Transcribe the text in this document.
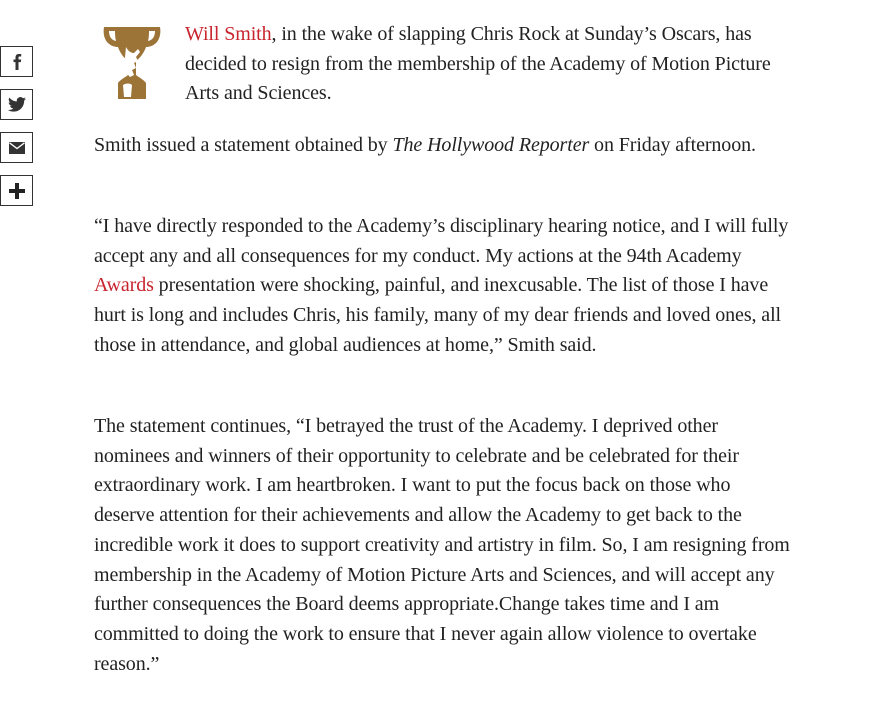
Will Smith, in the wake of slapping Chris Rock at Sunday’s Oscars, has decided to resign from the membership of the Academy of Motion Picture Arts and Sciences.

Smith issued a statement obtained by The Hollywood Reporter on Friday afternoon.

“I have directly responded to the Academy’s disciplinary hearing notice, and I will fully accept any and all consequences for my conduct. My actions at the 94th Academy Awards presentation were shocking, painful, and inexcusable. The list of those I have hurt is long and includes Chris, his family, many of my dear friends and loved ones, all those in attendance, and global audiences at home,” Smith said.

The statement continues, “I betrayed the trust of the Academy. I deprived other nominees and winners of their opportunity to celebrate and be celebrated for their extraordinary work. I am heartbroken. I want to put the focus back on those who deserve attention for their achievements and allow the Academy to get back to the incredible work it does to support creativity and artistry in film. So, I am resigning from membership in the Academy of Motion Picture Arts and Sciences, and will accept any further consequences the Board deems appropriate.Change takes time and I am committed to doing the work to ensure that I never again allow violence to overtake reason.”
